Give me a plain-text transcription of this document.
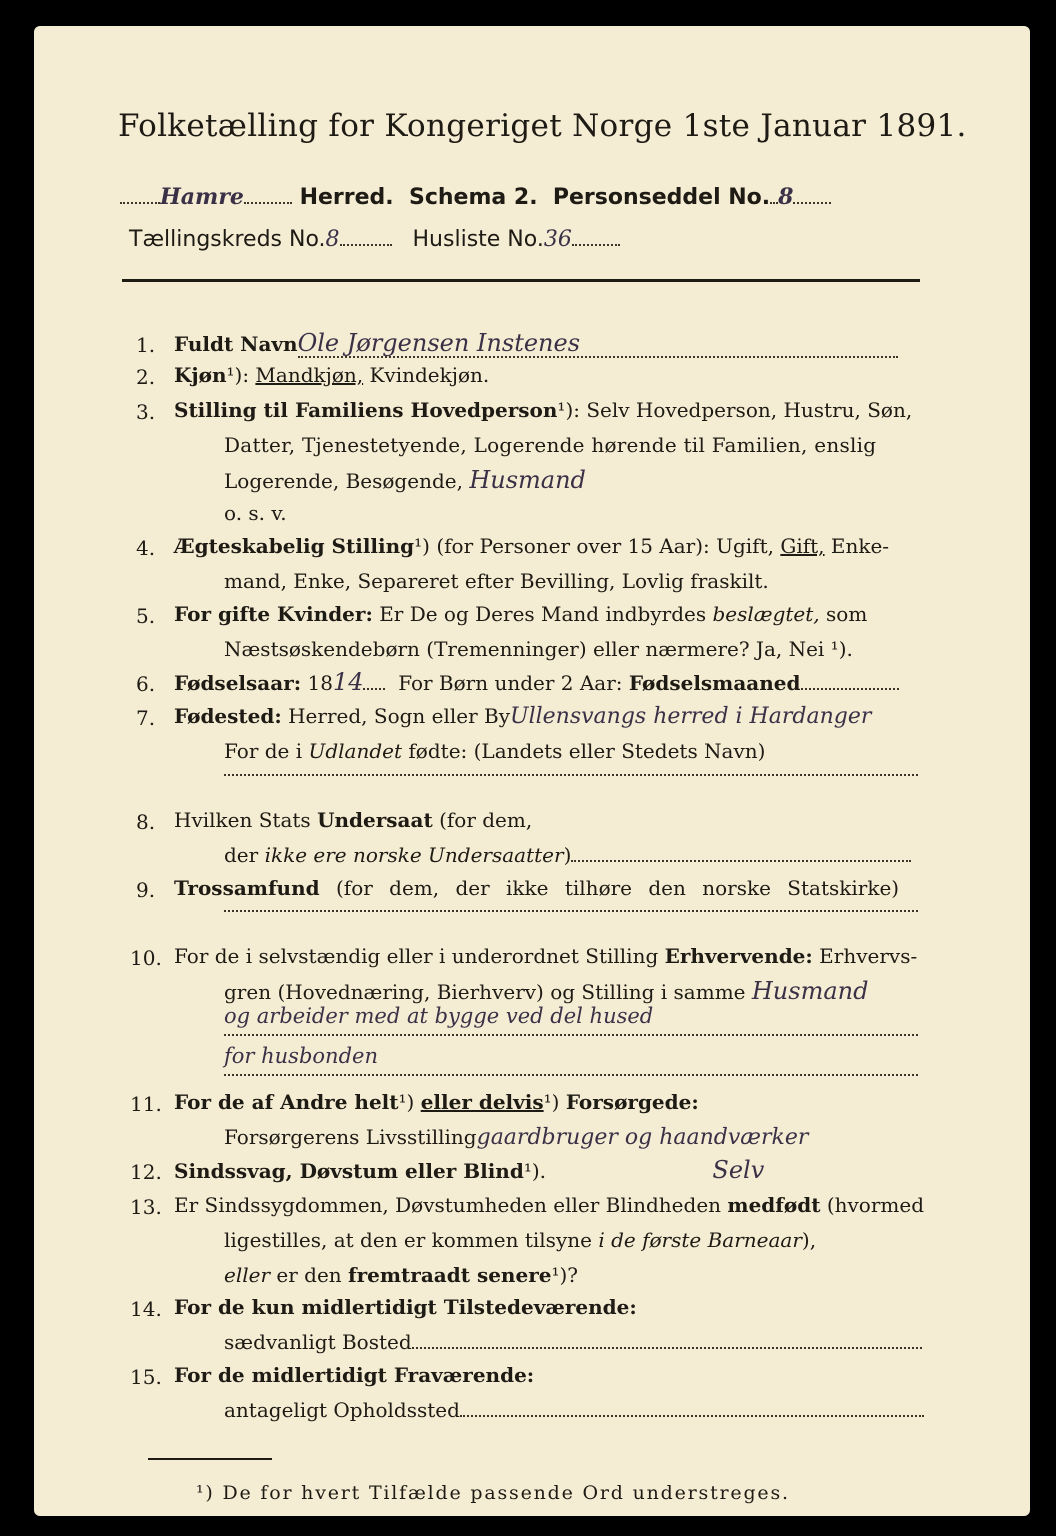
Folketælling for Kongeriget Norge 1ste Januar 1891.
Hamre	Herred. Schema 2. Personseddel No. 8
Tællingskreds No.8	Husliste No.36
1. Fuldt NavnOle Jørgensen Instenes
2. Kjøn¹): Mandkjøn, Kvindekjøn.
3. Stilling til Familiens Hovedperson¹): Selv Hovedperson, Hustru, Søn,
Datter, Tjenestetyende, Logerende hørende til Familien, enslig
Logerende, Besøgende, Husmand
o. s. v.
4. Ægteskabelig Stilling¹) (for Personer over 15 Aar): Ugift, Gift, Enke-
mand, Enke, Separeret efter Bevilling, Lovlig fraskilt.
5. For gifte Kvinder: Er De og Deres Mand indbyrdes beslægtet, som
Næstsøskendebørn (Tremenninger) eller nærmere? Ja, Nei ¹).
6. Fødselsaar: 1814 For Børn under 2 Aar: Fødselsmaaned
7. Fødested: Herred, Sogn eller ByUllensvangs herred i Hardanger
For de i Udlandet fødte: (Landets eller Stedets Navn)
8. Hvilken Stats Undersaat (for dem,
der ikke ere norske Undersaatter)
9. Trossamfund (for dem, der ikke tilhøre den norske Statskirke)
10. For de i selvstændig eller i underordnet Stilling Erhvervende: Erhvervs-
gren (Hovednæring, Bierhverv) og Stilling i samme Husmand
og arbeider med at bygge ved del hused
for husbonden
11. For de af Andre helt¹) eller delvis¹) Forsørgede:
Forsørgerens Livsstillinggaardbruger og haandværker
12. Sindssvag, Døvstum eller Blind¹).	Selv
13. Er Sindssygdommen, Døvstumheden eller Blindheden medfødt (hvormed
ligestilles, at den er kommen tilsyne i de første Barneaar),
eller er den fremtraadt senere¹)?
14. For de kun midlertidigt Tilstedeværende:
sædvanligt Bosted
15. For de midlertidigt Fraværende:
antageligt Opholdssted
¹) De for hvert Tilfælde passende Ord understreges.
